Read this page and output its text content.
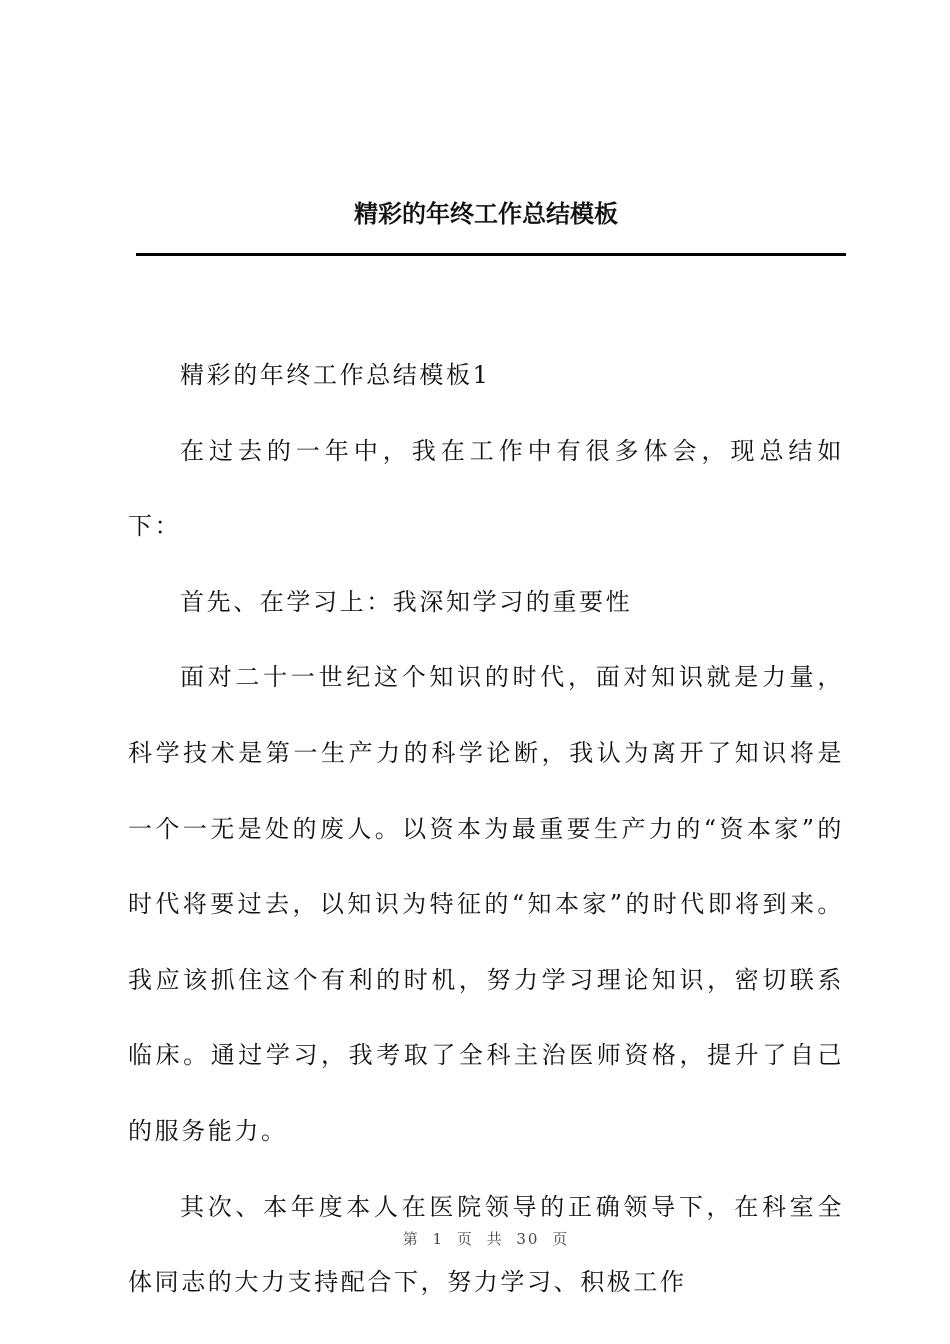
精彩的年终工作总结模板

精彩的年终工作总结模板1

在过去的一年中，我在工作中有很多体会，现总结如下：

首先、在学习上：我深知学习的重要性

面对二十一世纪这个知识的时代，面对知识就是力量，科学技术是第一生产力的科学论断，我认为离开了知识将是一个一无是处的废人。以资本为最重要生产力的“资本家”的时代将要过去，以知识为特征的“知本家”的时代即将到来。我应该抓住这个有利的时机，努力学习理论知识，密切联系临床。通过学习，我考取了全科主治医师资格，提升了自己的服务能力。

其次、本年度本人在医院领导的正确领导下，在科室全体同志的大力支持配合下，努力学习、积极工作

第 1 页 共 30 页
